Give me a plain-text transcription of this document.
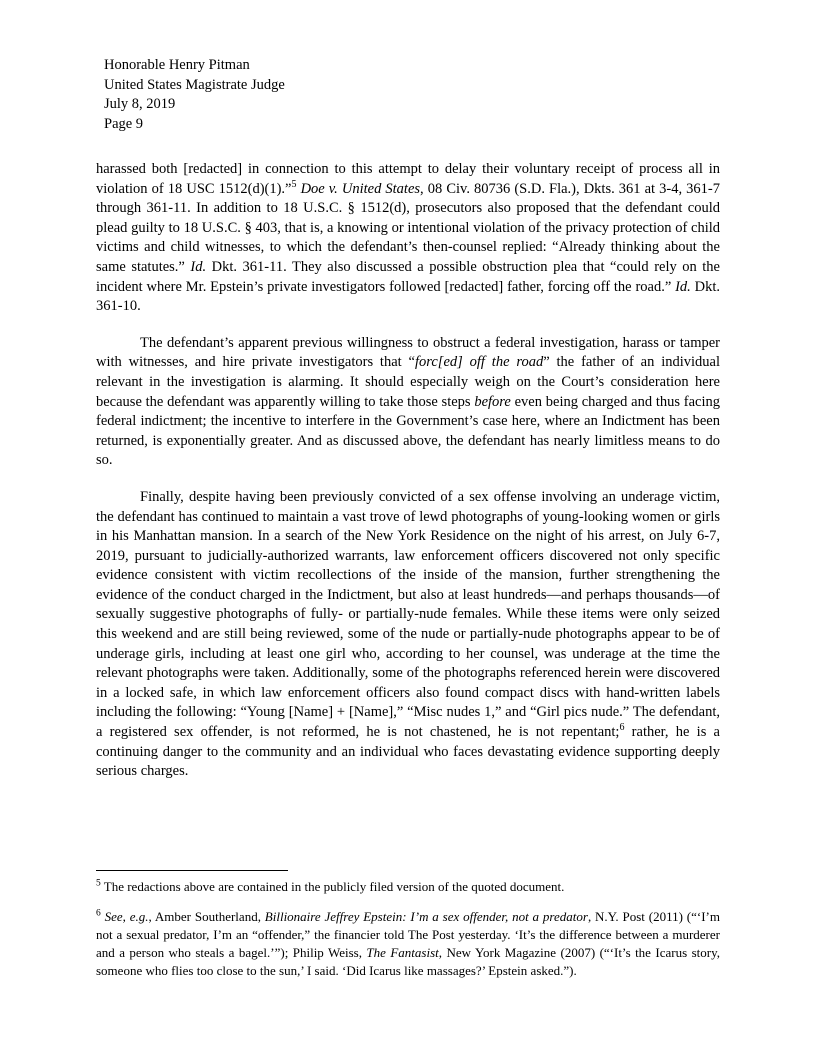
Honorable Henry Pitman
United States Magistrate Judge
July 8, 2019
Page 9

harassed both [redacted] in connection to this attempt to delay their voluntary receipt of process all in violation of 18 USC 1512(d)(1).”$^5$ Doe v. United States, 08 Civ. 80736 (S.D. Fla.), Dkts. 361 at 3-4, 361-7 through 361-11. In addition to 18 U.S.C. § 1512(d), prosecutors also proposed that the defendant could plead guilty to 18 U.S.C. § 403, that is, a knowing or intentional violation of the privacy protection of child victims and child witnesses, to which the defendant’s then-counsel replied: “Already thinking about the same statutes.” Id. Dkt. 361-11. They also discussed a possible obstruction plea that “could rely on the incident where Mr. Epstein’s private investigators followed [redacted] father, forcing off the road.” Id. Dkt. 361-10.

The defendant’s apparent previous willingness to obstruct a federal investigation, harass or tamper with witnesses, and hire private investigators that “forc[ed] off the road” the father of an individual relevant in the investigation is alarming. It should especially weigh on the Court’s consideration here because the defendant was apparently willing to take those steps before even being charged and thus facing federal indictment; the incentive to interfere in the Government’s case here, where an Indictment has been returned, is exponentially greater. And as discussed above, the defendant has nearly limitless means to do so.

Finally, despite having been previously convicted of a sex offense involving an underage victim, the defendant has continued to maintain a vast trove of lewd photographs of young-looking women or girls in his Manhattan mansion. In a search of the New York Residence on the night of his arrest, on July 6-7, 2019, pursuant to judicially-authorized warrants, law enforcement officers discovered not only specific evidence consistent with victim recollections of the inside of the mansion, further strengthening the evidence of the conduct charged in the Indictment, but also at least hundreds—and perhaps thousands—of sexually suggestive photographs of fully- or partially-nude females. While these items were only seized this weekend and are still being reviewed, some of the nude or partially-nude photographs appear to be of underage girls, including at least one girl who, according to her counsel, was underage at the time the relevant photographs were taken. Additionally, some of the photographs referenced herein were discovered in a locked safe, in which law enforcement officers also found compact discs with hand-written labels including the following: “Young [Name] + [Name],” “Misc nudes 1,” and “Girl pics nude.” The defendant, a registered sex offender, is not reformed, he is not chastened, he is not repentant;$^6$ rather, he is a continuing danger to the community and an individual who faces devastating evidence supporting deeply serious charges.

$^5$ The redactions above are contained in the publicly filed version of the quoted document.

$^6$ See, e.g., Amber Southerland, Billionaire Jeffrey Epstein: I’m a sex offender, not a predator, N.Y. Post (2011) (“‘I’m not a sexual predator, I’m an “offender,” the financier told The Post yesterday. ‘It’s the difference between a murderer and a person who steals a bagel.’”); Philip Weiss, The Fantasist, New York Magazine (2007) (“‘It’s the Icarus story, someone who flies too close to the sun,’ I said. ‘Did Icarus like massages?’ Epstein asked.”).
